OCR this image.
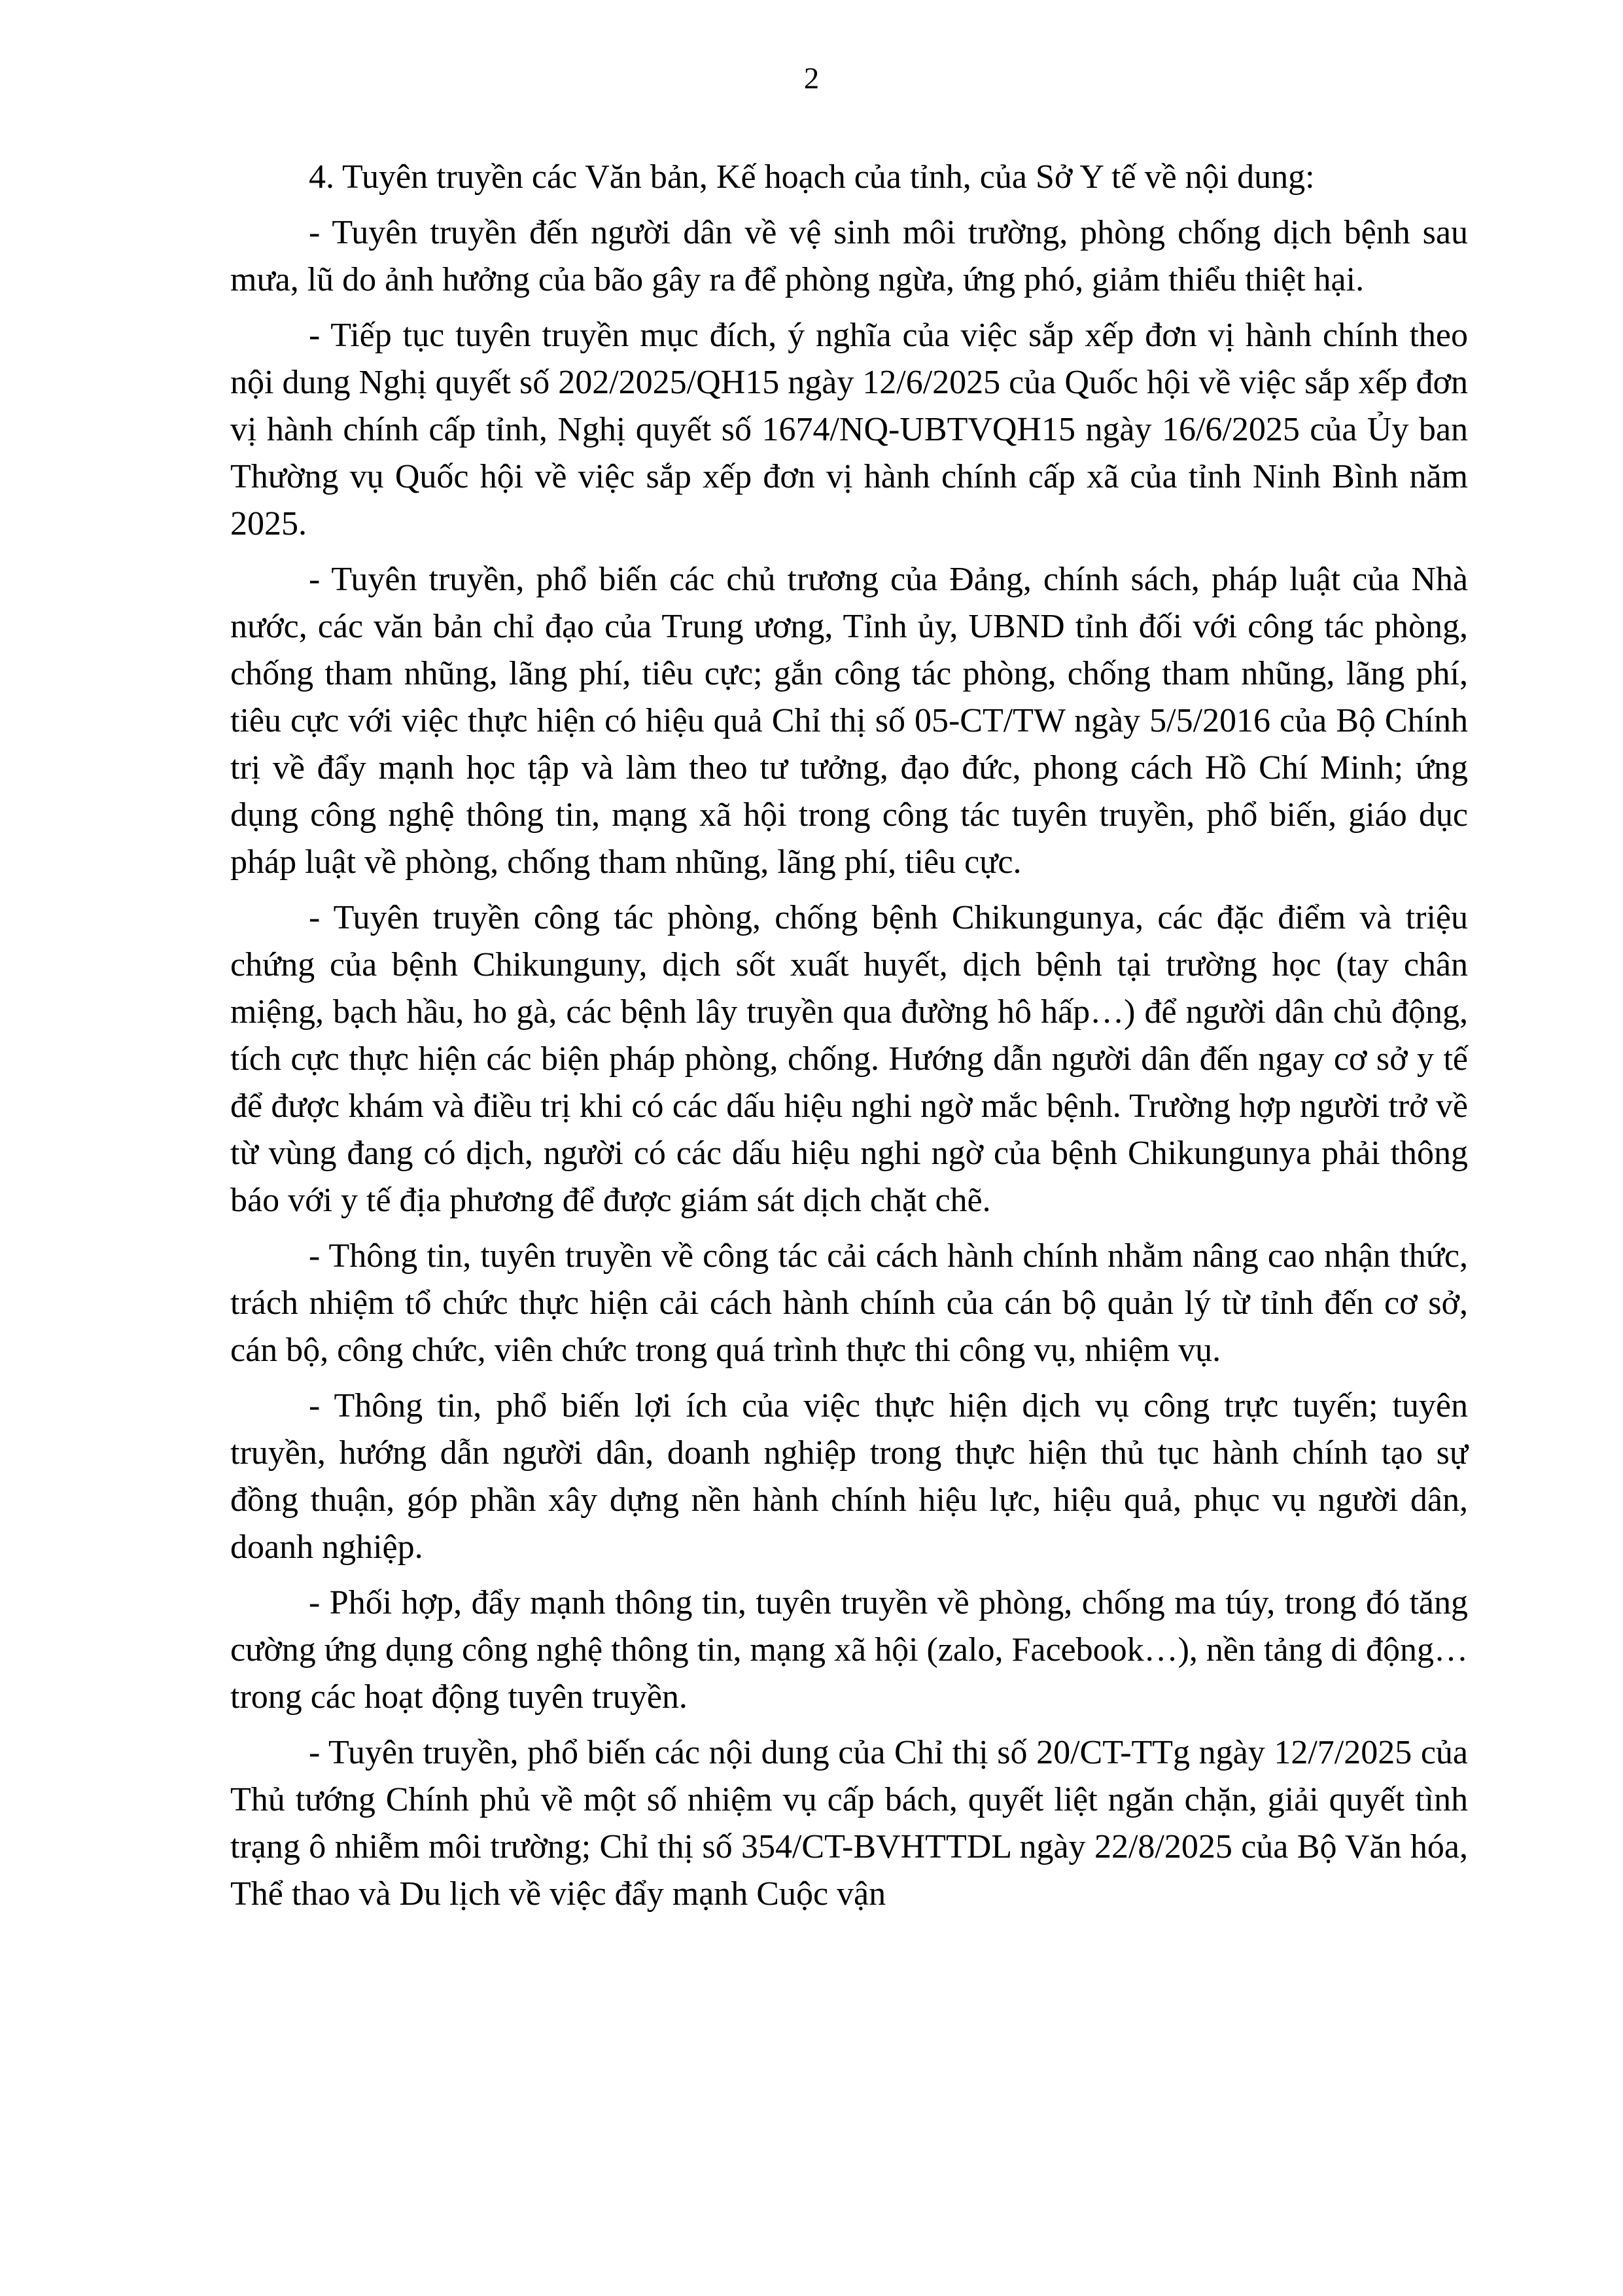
2

4. Tuyên truyền các Văn bản, Kế hoạch của tỉnh, của Sở Y tế về nội dung:

- Tuyên truyền đến người dân về vệ sinh môi trường, phòng chống dịch bệnh sau mưa, lũ do ảnh hưởng của bão gây ra để phòng ngừa, ứng phó, giảm thiểu thiệt hại.

- Tiếp tục tuyên truyền mục đích, ý nghĩa của việc sắp xếp đơn vị hành chính theo nội dung Nghị quyết số 202/2025/QH15 ngày 12/6/2025 của Quốc hội về việc sắp xếp đơn vị hành chính cấp tỉnh, Nghị quyết số 1674/NQ-UBTVQH15 ngày 16/6/2025 của Ủy ban Thường vụ Quốc hội về việc sắp xếp đơn vị hành chính cấp xã của tỉnh Ninh Bình năm 2025.

- Tuyên truyền, phổ biến các chủ trương của Đảng, chính sách, pháp luật của Nhà nước, các văn bản chỉ đạo của Trung ương, Tỉnh ủy, UBND tỉnh đối với công tác phòng, chống tham nhũng, lãng phí, tiêu cực; gắn công tác phòng, chống tham nhũng, lãng phí, tiêu cực với việc thực hiện có hiệu quả Chỉ thị số 05-CT/TW ngày 5/5/2016 của Bộ Chính trị về đẩy mạnh học tập và làm theo tư tưởng, đạo đức, phong cách Hồ Chí Minh; ứng dụng công nghệ thông tin, mạng xã hội trong công tác tuyên truyền, phổ biến, giáo dục pháp luật về phòng, chống tham nhũng, lãng phí, tiêu cực.

- Tuyên truyền công tác phòng, chống bệnh Chikungunya, các đặc điểm và triệu chứng của bệnh Chikunguny, dịch sốt xuất huyết, dịch bệnh tại trường học (tay chân miệng, bạch hầu, ho gà, các bệnh lây truyền qua đường hô hấp…) để người dân chủ động, tích cực thực hiện các biện pháp phòng, chống. Hướng dẫn người dân đến ngay cơ sở y tế để được khám và điều trị khi có các dấu hiệu nghi ngờ mắc bệnh. Trường hợp người trở về từ vùng đang có dịch, người có các dấu hiệu nghi ngờ của bệnh Chikungunya phải thông báo với y tế địa phương để được giám sát dịch chặt chẽ.

- Thông tin, tuyên truyền về công tác cải cách hành chính nhằm nâng cao nhận thức, trách nhiệm tổ chức thực hiện cải cách hành chính của cán bộ quản lý từ tỉnh đến cơ sở, cán bộ, công chức, viên chức trong quá trình thực thi công vụ, nhiệm vụ.

- Thông tin, phổ biến lợi ích của việc thực hiện dịch vụ công trực tuyến; tuyên truyền, hướng dẫn người dân, doanh nghiệp trong thực hiện thủ tục hành chính tạo sự đồng thuận, góp phần xây dựng nền hành chính hiệu lực, hiệu quả, phục vụ người dân, doanh nghiệp.

- Phối hợp, đẩy mạnh thông tin, tuyên truyền về phòng, chống ma túy, trong đó tăng cường ứng dụng công nghệ thông tin, mạng xã hội (zalo, Facebook…), nền tảng di động… trong các hoạt động tuyên truyền.

- Tuyên truyền, phổ biến các nội dung của Chỉ thị số 20/CT-TTg ngày 12/7/2025 của Thủ tướng Chính phủ về một số nhiệm vụ cấp bách, quyết liệt ngăn chặn, giải quyết tình trạng ô nhiễm môi trường; Chỉ thị số 354/CT-BVHTTDL ngày 22/8/2025 của Bộ Văn hóa, Thể thao và Du lịch về việc đẩy mạnh Cuộc vận
